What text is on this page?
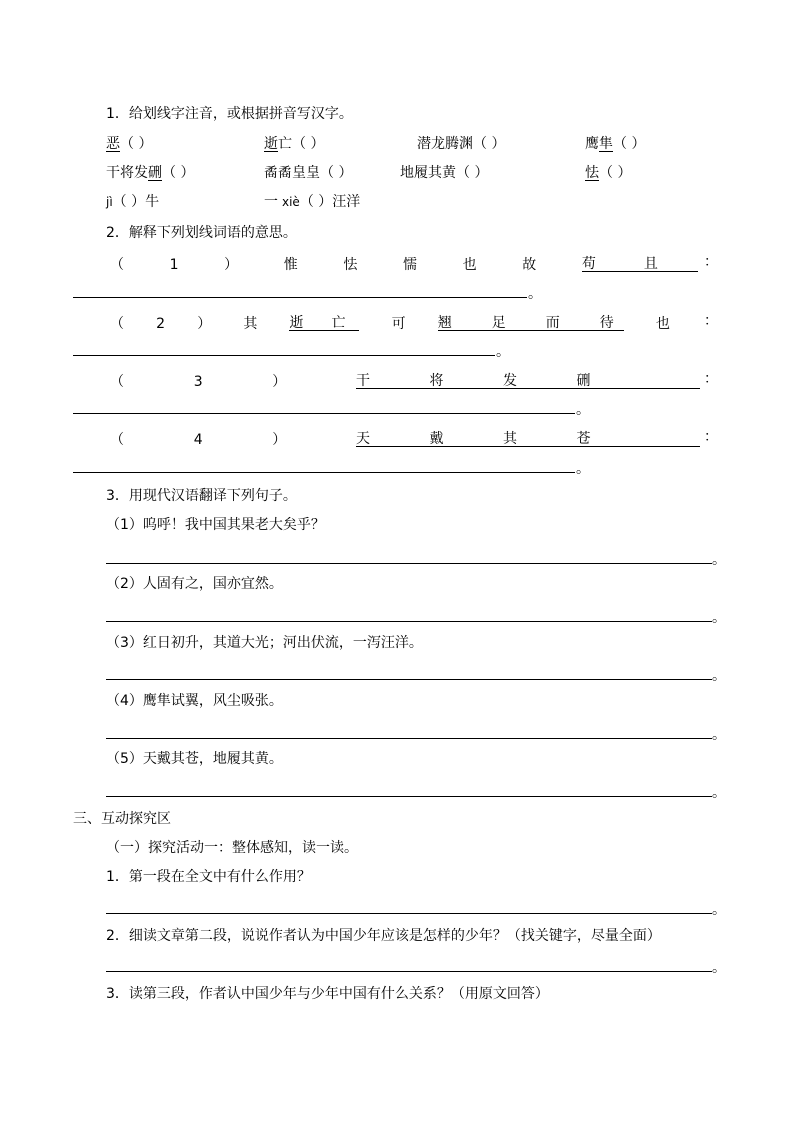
1．给划线字注音，或根据拼音写汉字。
恶（ ）	逝亡（ ）	潜龙腾渊（ ）	鹰隼（ ）
干将发硎（ ）	矞矞皇皇（ ）	地履其黄（ ）	怯（ ）
jì（ ）牛	一 xiè（ ）汪洋
2．解释下列划线词语的意思。
（	1	）	惟	怯	懦	也	故	苟	且	：
。
（ 2 ） 其 逝 亡	可 翘	足	而	待	也 ：
。
（	3	）	干	将	发	硎	：
。
（	4	）	天	戴	其	苍	：
。
3．用现代汉语翻译下列句子。
（1）呜呼！我中国其果老大矣乎？
。
（2）人固有之，国亦宜然。
。
（3）红日初升，其道大光；河出伏流，一泻汪洋。
。
（4）鹰隼试翼，风尘吸张。
。
（5）天戴其苍，地履其黄。
。
三、互动探究区
（一）探究活动一：整体感知，读一读。
1．第一段在全文中有什么作用？
。
2．细读文章第二段，说说作者认为中国少年应该是怎样的少年？（找关键字，尽量全面）
。
3．读第三段，作者认中国少年与少年中国有什么关系？（用原文回答）
